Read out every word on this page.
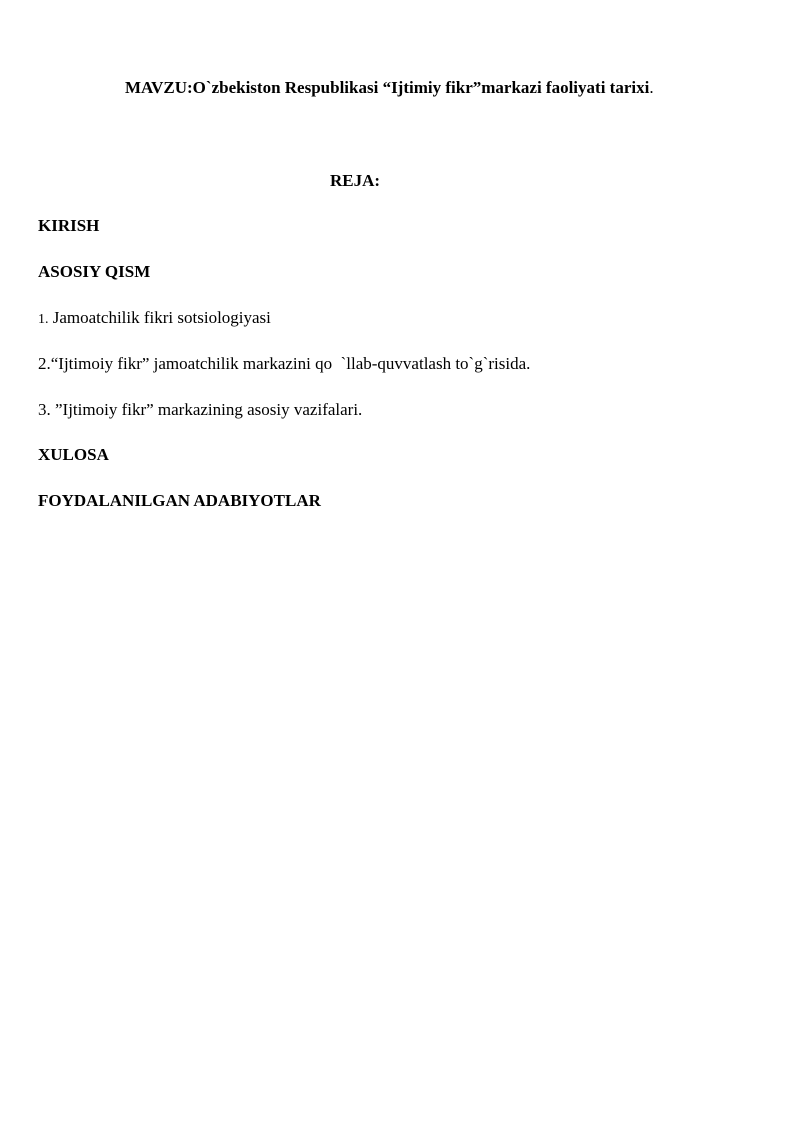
MAVZU:O`zbekiston Respublikasi “Ijtimiy fikr”markazi faoliyati tarixi.
REJA:
KIRISH
ASOSIY QISM
1. Jamoatchilik fikri sotsiologiyasi
2.“Ijtimoiy fikr” jamoatchilik markazini qo  `llab-quvvatlash to`g`risida.
3. ”Ijtimoiy fikr” markazining asosiy vazifalari.
XULOSA
FOYDALANILGAN ADABIYOTLAR
